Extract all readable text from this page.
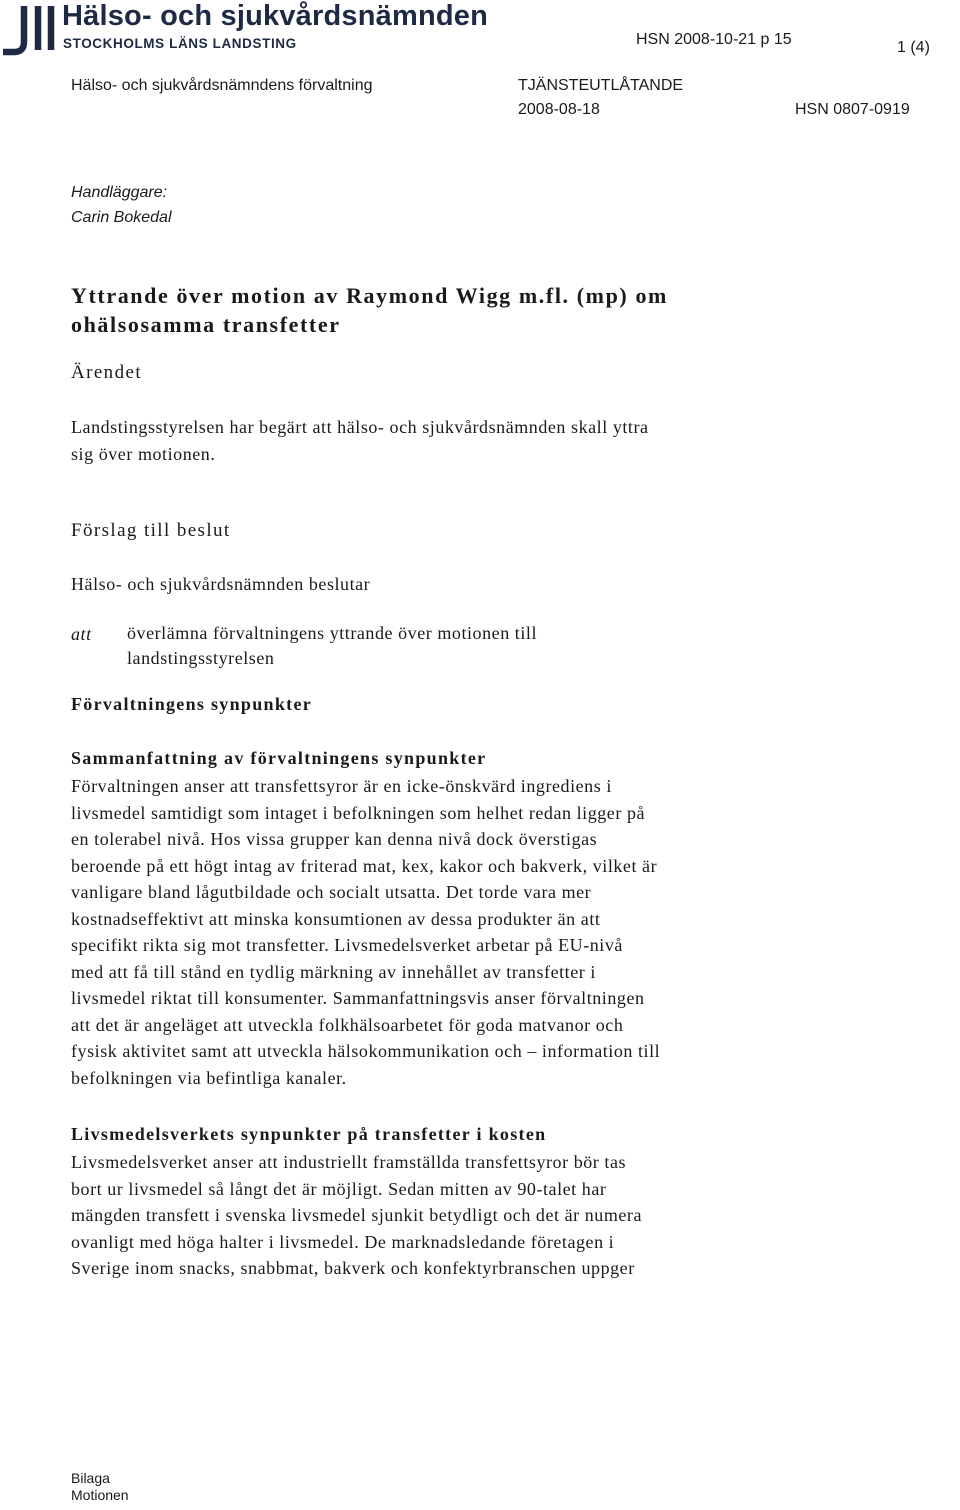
Hälso- och sjukvårdsnämnden
STOCKHOLMS LÄNS LANDSTING	HSN 2008-10-21 p 15	1 (4)
Hälso- och sjukvårdsnämndens förvaltning	TJÄNSTEUTLÅTANDE
2008-08-18	HSN 0807-0919
Handläggare:
Carin Bokedal
Yttrande över motion av Raymond Wigg m.fl. (mp) om
ohälsosamma transfetter
Ärendet
Landstingsstyrelsen har begärt att hälso- och sjukvårdsnämnden skall yttra
sig över motionen.
Förslag till beslut
Hälso- och sjukvårdsnämnden beslutar
att överlämna förvaltningens yttrande över motionen till
landstingsstyrelsen
Förvaltningens synpunkter
Sammanfattning av förvaltningens synpunkter
Förvaltningen anser att transfettsyror är en icke-önskvärd ingrediens i
livsmedel samtidigt som intaget i befolkningen som helhet redan ligger på
en tolerabel nivå. Hos vissa grupper kan denna nivå dock överstigas
beroende på ett högt intag av friterad mat, kex, kakor och bakverk, vilket är
vanligare bland lågutbildade och socialt utsatta. Det torde vara mer
kostnadseffektivt att minska konsumtionen av dessa produkter än att
specifikt rikta sig mot transfetter. Livsmedelsverket arbetar på EU-nivå
med att få till stånd en tydlig märkning av innehållet av transfetter i
livsmedel riktat till konsumenter. Sammanfattningsvis anser förvaltningen
att det är angeläget att utveckla folkhälsoarbetet för goda matvanor och
fysisk aktivitet samt att utveckla hälsokommunikation och – information till
befolkningen via befintliga kanaler.
Livsmedelsverkets synpunkter på transfetter i kosten
Livsmedelsverket anser att industriellt framställda transfettsyror bör tas
bort ur livsmedel så långt det är möjligt. Sedan mitten av 90-talet har
mängden transfett i svenska livsmedel sjunkit betydligt och det är numera
ovanligt med höga halter i livsmedel. De marknadsledande företagen i
Sverige inom snacks, snabbmat, bakverk och konfektyrbranschen uppger
Bilaga
Motionen
